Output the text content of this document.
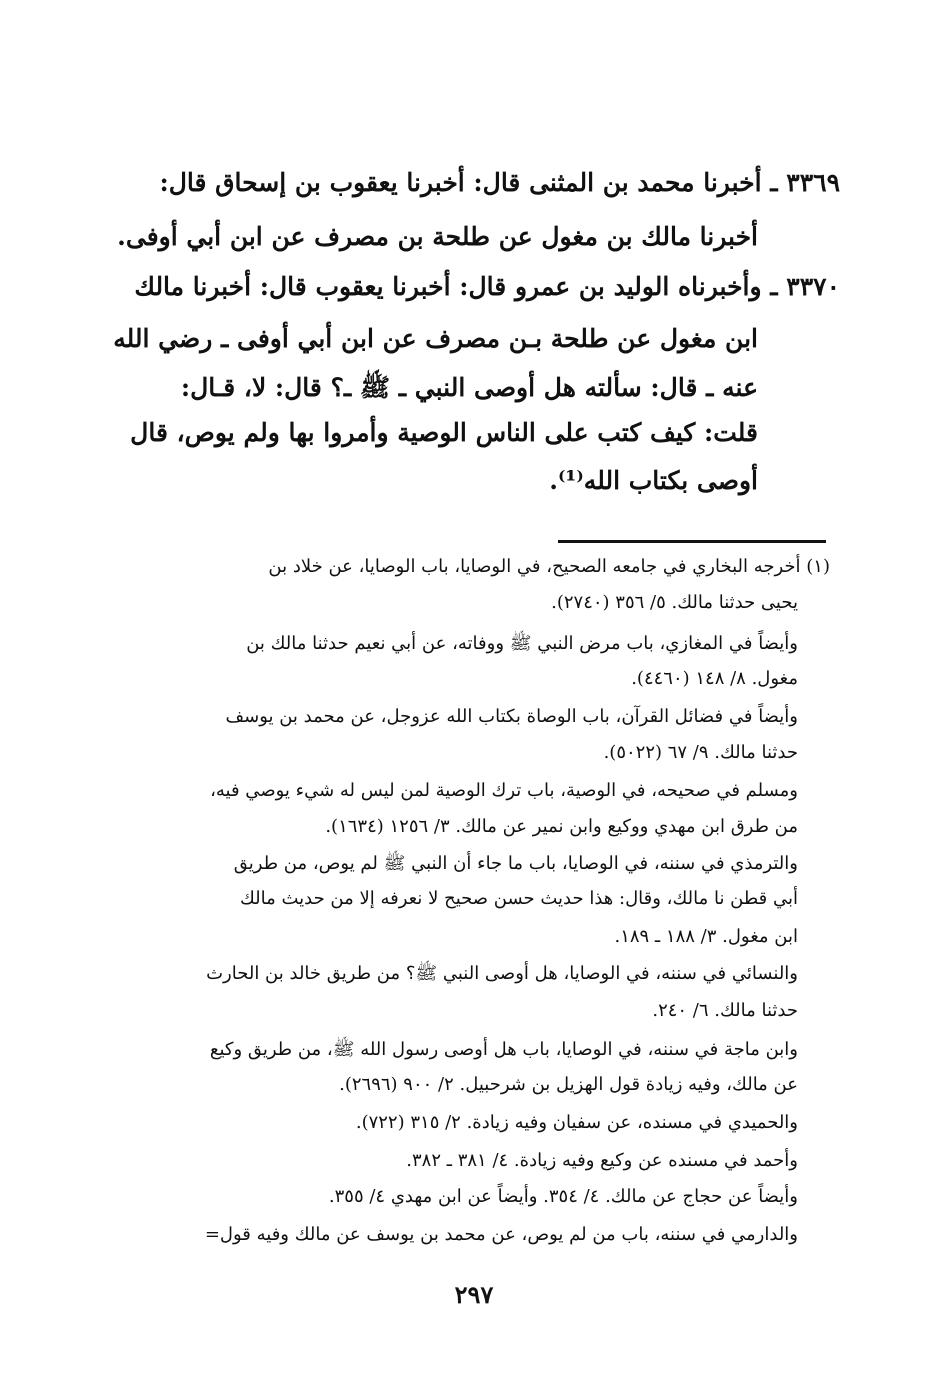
٣٣٦٩ ـ أخبرنا محمد بن المثنى قال: أخبرنا يعقوب بن إسحاق قال:
أخبرنا مالك بن مغول عن طلحة بن مصرف عن ابن أبي أوفى.
٣٣٧٠ ـ وأخبرناه الوليد بن عمرو قال: أخبرنا يعقوب قال: أخبرنا مالك
ابن مغول عن طلحة بـن مصرف عن ابن أبي أوفى ـ رضي الله
عنه ـ قال: سألته هل أوصى النبي ـ ﷺ ـ؟ قال: لا، قـال:
قلت: كيف كتب على الناس الوصية وأمروا بها ولم يوص، قال
أوصى بكتاب الله⁽¹⁾.
(١) أخرجه البخاري في جامعه الصحيح، في الوصايا، باب الوصايا، عن خلاد بن
يحيى حدثنا مالك. ٥/ ٣٥٦ (٢٧٤٠).
وأيضاً في المغازي، باب مرض النبي ﷺ ووفاته، عن أبي نعيم حدثنا مالك بن
مغول. ٨/ ١٤٨ (٤٤٦٠).
وأيضاً في فضائل القرآن، باب الوصاة بكتاب الله عزوجل، عن محمد بن يوسف
حدثنا مالك. ٩/ ٦٧ (٥٠٢٢).
ومسلم في صحيحه، في الوصية، باب ترك الوصية لمن ليس له شيء يوصي فيه،
من طرق ابن مهدي ووكيع وابن نمير عن مالك. ٣/ ١٢٥٦ (١٦٣٤).
والترمذي في سننه، في الوصايا، باب ما جاء أن النبي ﷺ لم يوص، من طريق
أبي قطن نا مالك، وقال: هذا حديث حسن صحيح لا نعرفه إلا من حديث مالك
ابن مغول. ٣/ ١٨٨ ـ ١٨٩.
والنسائي في سننه، في الوصايا، هل أوصى النبي ﷺ؟ من طريق خالد بن الحارث
حدثنا مالك. ٦/ ٢٤٠.
وابن ماجة في سننه، في الوصايا، باب هل أوصى رسول الله ﷺ، من طريق وكيع
عن مالك، وفيه زيادة قول الهزيل بن شرحبيل. ٢/ ٩٠٠ (٢٦٩٦).
والحميدي في مسنده، عن سفيان وفيه زيادة. ٢/ ٣١٥ (٧٢٢).
وأحمد في مسنده عن وكيع وفيه زيادة. ٤/ ٣٨١ ـ ٣٨٢.
وأيضاً عن حجاج عن مالك. ٤/ ٣٥٤. وأيضاً عن ابن مهدي ٤/ ٣٥٥.
والدارمي في سننه، باب من لم يوص، عن محمد بن يوسف عن مالك وفيه قول=
٢٩٧
